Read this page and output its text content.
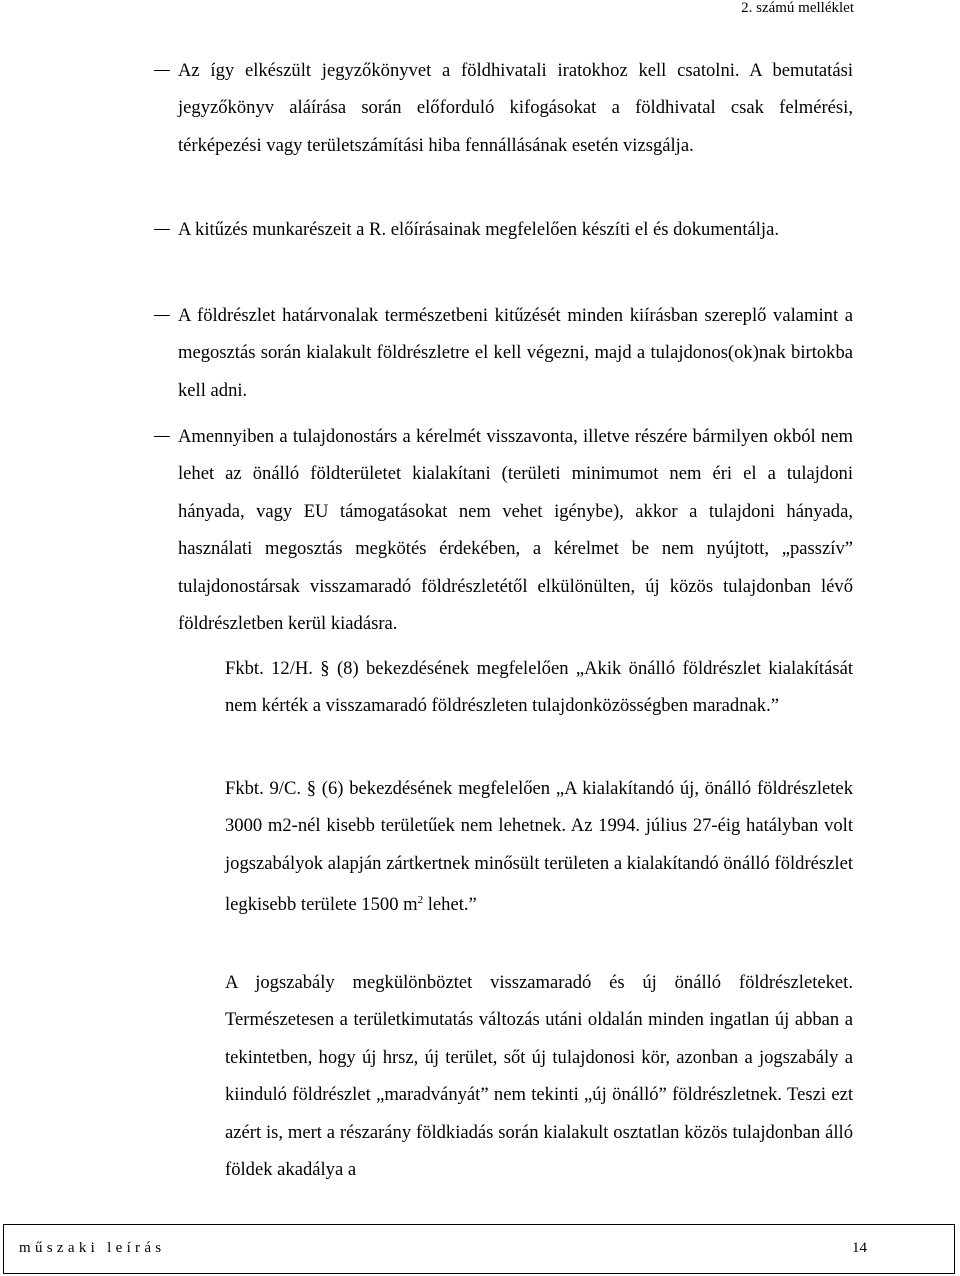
2. számú melléklet
Az így elkészült jegyzőkönyvet a földhivatali iratokhoz kell csatolni. A bemutatási jegyzőkönyv aláírása során előforduló kifogásokat a földhivatal csak felmérési, térképezési vagy területszámítási hiba fennállásának esetén vizsgálja.
A kitűzés munkarészeit a R. előírásainak megfelelően készíti el és dokumentálja.
A földrészlet határvonalak természetbeni kitűzését minden kiírásban szereplő valamint a megosztás során kialakult földrészletre el kell végezni, majd a tulajdonos(ok)nak birtokba kell adni.
Amennyiben a tulajdonostárs a kérelmét visszavonta, illetve részére bármilyen okból nem lehet az önálló földterületet kialakítani (területi minimumot nem éri el a tulajdoni hányada, vagy EU támogatásokat nem vehet igénybe), akkor a tulajdoni hányada, használati megosztás megkötés érdekében, a kérelmet be nem nyújtott, „passzív” tulajdonostársak visszamaradó földrészletétől elkülönülten, új közös tulajdonban lévő földrészletben kerül kiadásra.
Fkbt. 12/H. § (8) bekezdésének megfelelően „Akik önálló földrészlet kialakítását nem kérték a visszamaradó földrészleten tulajdonközösségben maradnak.”
Fkbt. 9/C. § (6) bekezdésének megfelelően „A kialakítandó új, önálló földrészletek 3000 m2-nél kisebb területűek nem lehetnek. Az 1994. július 27-éig hatályban volt jogszabályok alapján zártkertnek minősült területen a kialakítandó önálló földrészlet legkisebb területe 1500 $m^2$ lehet.”
A jogszabály megkülönböztet visszamaradó és új önálló földrészleteket. Természetesen a területkimutatás változás utáni oldalán minden ingatlan új abban a tekintetben, hogy új hrsz, új terület, sőt új tulajdonosi kör, azonban a jogszabály a kiinduló földrészlet „maradványát” nem tekinti „új önálló” földrészletnek. Teszi ezt azért is, mert a részarány földkiadás során kialakult osztatlan közös tulajdonban álló földek akadálya a
műszaki leírás	14
